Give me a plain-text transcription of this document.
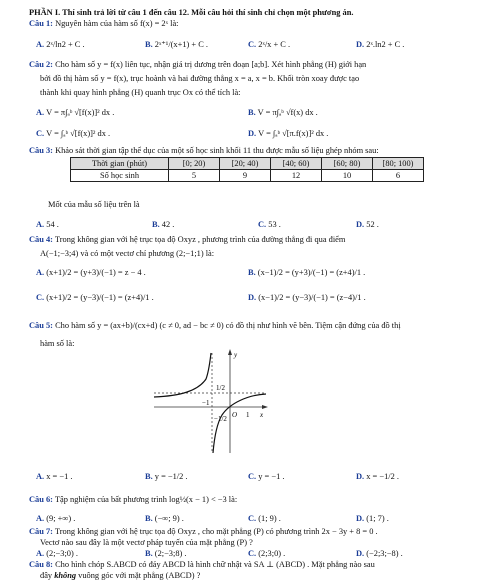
PHẦN I. Thí sinh trả lời từ câu 1 đến câu 12. Mỗi câu hỏi thí sinh chỉ chọn một phương án.
Câu 1: Nguyên hàm của hàm số f(x) = 2ˣ là:
A. 2ˣ/ln2 + C .	B. 2ˣ⁺¹/(x+1) + C .	C. 2ˣ/x + C .	D. 2ˣ.ln2 + C .
Câu 2: Cho hàm số y = f(x) liên tục, nhận giá trị dương trên đoạn [a;b]. Xét hình phẳng (H) giới hạn
bởi đồ thị hàm số y = f(x), trục hoành và hai đường thẳng x = a, x = b. Khối tròn xoay được tạo
thành khi quay hình phẳng (H) quanh trục Ox có thể tích là:
A. V = π∫ₐᵇ √[f(x)]² dx .	B. V = π∫ₐᵇ √f(x) dx .
C. V = ∫ₐᵇ √[f(x)]² dx .	D. V = ∫ₐᵇ √[π.f(x)]² dx .
Câu 3: Khảo sát thời gian tập thể dục của một số học sinh khối 11 thu được mẫu số liệu ghép nhóm sau:
Thời gian (phút)	[0; 20)	[20; 40)	[40; 60)	[60; 80)	[80; 100)
Số học sinh	5	9	12	10	6
Mốt của mẫu số liệu trên là
A. 54 .	B. 42 .	C. 53 .	D. 52 .
Câu 4: Trong không gian với hệ trục tọa độ Oxyz , phương trình của đường thẳng đi qua điểm
A(−1;−3;4) và có một vectơ chỉ phương (2;−1;1) là:
A. (x+1)/2 = (y+3)/(−1) = z − 4 .	B. (x−1)/2 = (y+3)/(−1) = (z+4)/1 .
C. (x+1)/2 = (y−3)/(−1) = (z+4)/1 .	D. (x−1)/2 = (y−3)/(−1) = (z−4)/1 .
Câu 5: Cho hàm số y = (ax+b)/(cx+d) (c ≠ 0, ad − bc ≠ 0) có đồ thị như hình vẽ bên. Tiệm cận đứng của đồ thị
hàm số là:
y
x
O
1/2
−1/2
−1
1
A. x = −1 .	B. y = −1/2 .	C. y = −1 .	D. x = −1/2 .
Câu 6: Tập nghiệm của bất phương trình log½(x − 1) < −3 là:
A. (9; +∞) .	B. (−∞; 9) .	C. (1; 9) .	D. (1; 7) .
Câu 7: Trong không gian với hệ trục tọa độ Oxyz , cho mặt phẳng (P) có phương trình 2x − 3y + 8 = 0 .
Vectơ nào sau đây là một vectơ pháp tuyến của mặt phẳng (P) ?
A. (2;−3;0) .	B. (2;−3;8) .	C. (2;3;0) .	D. (−2;3;−8) .
Câu 8: Cho hình chóp S.ABCD có đáy ABCD là hình chữ nhật và SA ⊥ (ABCD) . Mặt phẳng nào sau
đây không vuông góc với mặt phẳng (ABCD) ?
